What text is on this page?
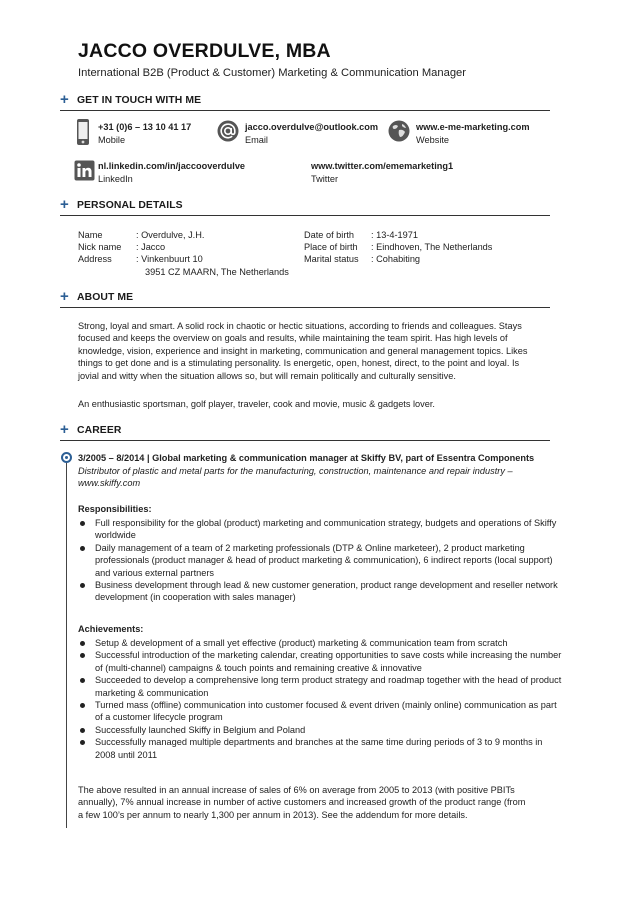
JACCO OVERDULVE, MBA
International B2B (Product & Customer) Marketing & Communication Manager
+ GET IN TOUCH WITH ME
+31 (0)6 – 13 10 41 17
Mobile
jacco.overdulve@outlook.com
Email
www.e-me-marketing.com
Website
nl.linkedin.com/in/jaccooverdulve
LinkedIn
www.twitter.com/ememarketing1
Twitter
+ PERSONAL DETAILS
Name	: Overdulve, J.H.
Nick name : Jacco
Address	: Vinkenbuurt 10
3951 CZ MAARN, The Netherlands
Date of birth : 13-4-1971
Place of birth : Eindhoven, The Netherlands
Marital status : Cohabiting
+ ABOUT ME
Strong, loyal and smart. A solid rock in chaotic or hectic situations, according to friends and colleagues. Stays
focused and keeps the overview on goals and results, while maintaining the team spirit. Has high levels of
knowledge, vision, experience and insight in marketing, communication and general management topics. Likes
things to get done and is a stimulating personality. Is energetic, open, honest, direct, to the point and loyal. Is
jovial and witty when the situation allows so, but will remain politically and culturally sensitive.
An enthusiastic sportsman, golf player, traveler, cook and movie, music & gadgets lover.
+ CAREER
3/2005 – 8/2014 | Global marketing & communication manager at Skiffy BV, part of Essentra Components
Distributor of plastic and metal parts for the manufacturing, construction, maintenance and repair industry –
www.skiffy.com
Responsibilities:
Full responsibility for the global (product) marketing and communication strategy, budgets and operations of Skiffy worldwide
Daily management of a team of 2 marketing professionals (DTP & Online marketeer), 2 product marketing professionals (product manager & head of product marketing & communication), 6 indirect reports (local support) and various external partners
Business development through lead & new customer generation, product range development and reseller network development (in cooperation with sales manager)
Achievements:
Setup & development of a small yet effective (product) marketing & communication team from scratch
Successful introduction of the marketing calendar, creating opportunities to save costs while increasing the number of (multi-channel) campaigns & touch points and remaining creative & innovative
Succeeded to develop a comprehensive long term product strategy and roadmap together with the head of product marketing & communication
Turned mass (offline) communication into customer focused & event driven (mainly online) communication as part of a customer lifecycle program
Successfully launched Skiffy in Belgium and Poland
Successfully managed multiple departments and branches at the same time during periods of 3 to 9 months in 2008 until 2011
The above resulted in an annual increase of sales of 6% on average from 2005 to 2013 (with positive PBITs
annually), 7% annual increase in number of active customers and increased growth of the product range (from
a few 100’s per annum to nearly 1,300 per annum in 2013). See the addendum for more details.
